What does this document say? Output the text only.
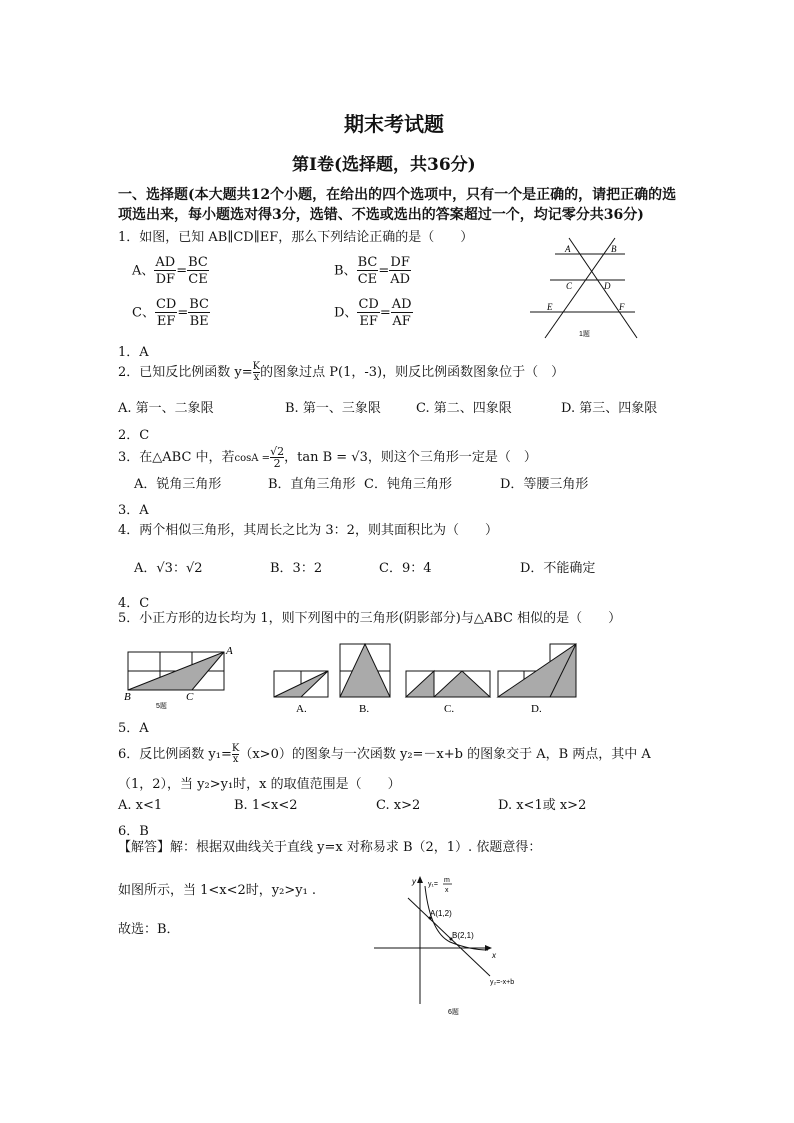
期末考试题
第Ⅰ卷(选择题，共36分)
一、选择题(本大题共12个小题，在给出的四个选项中，只有一个是正确的，请把正确的选
项选出来，每小题选对得3分，选错、不选或选出的答案超过一个，均记零分共36分)
1．如图，已知 AB∥CD∥EF，那么下列结论正确的是（　　）
A、 $\frac{AD}{DF} = \frac{BC}{CE}$	B、 $\frac{BC}{CE} = \frac{DF}{AD}$
C、 $\frac{CD}{EF} = \frac{BC}{BE}$	D、 $\frac{CD}{EF} = \frac{AD}{AF}$
A	B
C	D
E	F
1题
1．A
2．已知反比例函数 $y= \frac{K}{x}$的图象过点 P(1，-3)，则反比例函数图象位于（　）
A. 第一、二象限	B. 第一、三象限	C. 第二、四象限	D. 第三、四象限
2．C
3．在△ABC 中，若$\cos A = \frac{√2}{2}$，tan B = √3，则这个三角形一定是（　）
A．锐角三角形	B．直角三角形 C．钝角三角形	D．等腰三角形
3．A
4．两个相似三角形，其周长之比为 3：2，则其面积比为（　　）
A．√3：√2	B．3：2	C．9：4	D．不能确定
4．C
5．小正方形的边长均为 1，则下列图中的三角形(阴影部分)与△ABC 相似的是（　　）
A
B	C
5题	A.	B.	C.	D.
5．A
6．反比例函数 $y_1= \frac{K}{x}(x>0)$的图象与一次函数 y₂=－x+b 的图象交于 A，B 两点，其中 A
（1，2），当 y₂>y₁时，x 的取值范围是（　　）
A. x<1	B. 1<x<2	C. x>2	D. x<1或 x>2
6．B
【解答】解：根据双曲线关于直线 y=x 对称易求 B（2，1）. 依题意得：
如图所示，当 1<x<2时，y₂>y₁ .
故选：B．
y
x
y₁=
m
x
A(1,2)
B(2,1)
y₂=-x+b
6题
